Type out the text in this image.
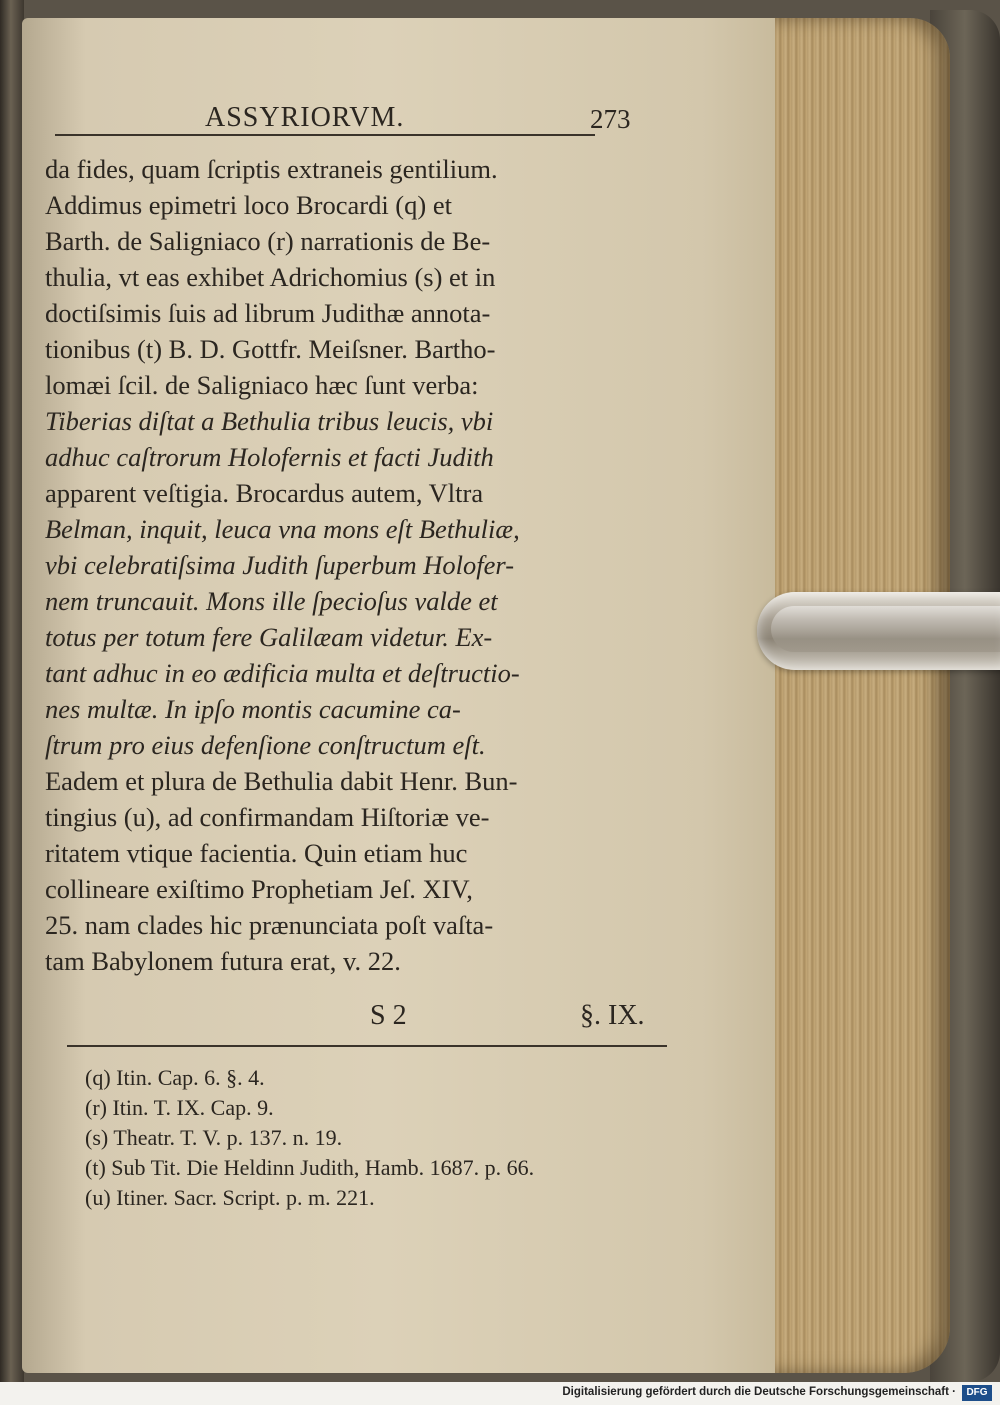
ASSYRIORVM.	273
da fides, quam ſcriptis extraneis gentilium.
Addimus epimetri loco Brocardi (q) et
Barth. de Saligniaco (r) narrationis de Be-
thulia, vt eas exhibet Adrichomius (s) et in
doctiſsimis ſuis ad librum Judithæ annota-
tionibus (t) B. D. Gottfr. Meiſsner. Bartho-
lomæi ſcil. de Saligniaco hæc ſunt verba:
Tiberias diſtat a Bethulia tribus leucis, vbi
adhuc caſtrorum Holofernis et facti Judith
apparent veſtigia. Brocardus autem, Vltra
Belman, inquit, leuca vna mons eſt Bethuliæ,
vbi celebratiſsima Judith ſuperbum Holofer-
nem truncauit. Mons ille ſpecioſus valde et
totus per totum fere Galilæam videtur. Ex-
tant adhuc in eo ædificia multa et deſtructio-
nes multæ. In ipſo montis cacumine ca-
ſtrum pro eius defenſione conſtructum eſt.
Eadem et plura de Bethulia dabit Henr. Bun-
tingius (u), ad confirmandam Hiſtoriæ ve-
ritatem vtique facientia. Quin etiam huc
collineare exiſtimo Prophetiam Jeſ. XIV,
25. nam clades hic prænunciata poſt vaſta-
tam Babylonem futura erat, v. 22.
S 2	§. IX.
(q) Itin. Cap. 6. §. 4.
(r) Itin. T. IX. Cap. 9.
(s) Theatr. T. V. p. 137. n. 19.
(t) Sub Tit. Die Heldinn Judith, Hamb. 1687. p. 66.
(u) Itiner. Sacr. Script. p. m. 221.
Digitalisierung gefördert durch die Deutsche Forschungsgemeinschaft ·	DFG
